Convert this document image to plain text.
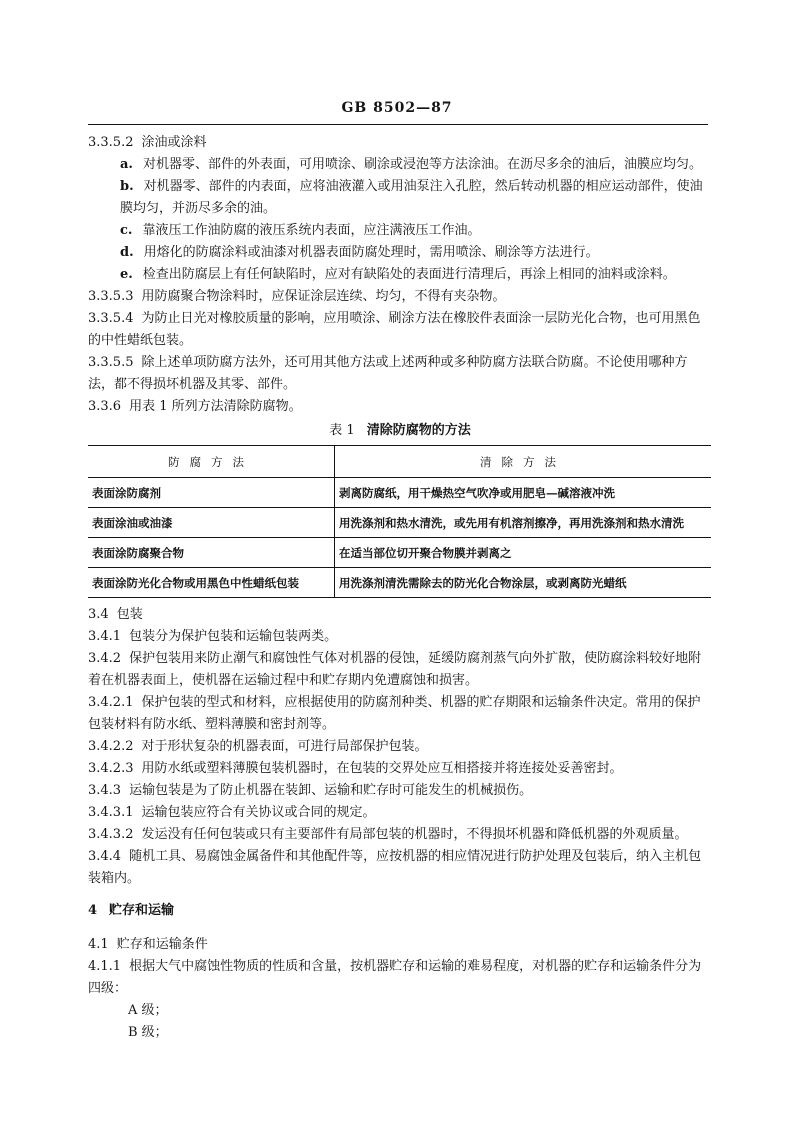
GB 8502—87
3.3.5.2 涂油或涂料
a. 对机器零、部件的外表面，可用喷涂、刷涂或浸泡等方法涂油。在沥尽多余的油后，油膜应均匀。
b. 对机器零、部件的内表面，应将油液灌入或用油泵注入孔腔，然后转动机器的相应运动部件，使油膜均匀，并沥尽多余的油。
c. 靠液压工作油防腐的液压系统内表面，应注满液压工作油。
d. 用熔化的防腐涂料或油漆对机器表面防腐处理时，需用喷涂、刷涂等方法进行。
e. 检查出防腐层上有任何缺陷时，应对有缺陷处的表面进行清理后，再涂上相同的油料或涂料。
3.3.5.3 用防腐聚合物涂料时，应保证涂层连续、均匀，不得有夹杂物。
3.3.5.4 为防止日光对橡胶质量的影响，应用喷涂、刷涂方法在橡胶件表面涂一层防光化合物，也可用黑色的中性蜡纸包装。
3.3.5.5 除上述单项防腐方法外，还可用其他方法或上述两种或多种防腐方法联合防腐。不论使用哪种方法，都不得损坏机器及其零、部件。
3.3.6 用表 1 所列方法清除防腐物。
表 1 清除防腐物的方法
防腐方法	清除方法
表面涂防腐剂	剥离防腐纸，用干燥热空气吹净或用肥皂—碱溶液冲洗
表面涂油或油漆	用洗涤剂和热水清洗，或先用有机溶剂擦净，再用洗涤剂和热水清洗
表面涂防腐聚合物	在适当部位切开聚合物膜并剥离之
表面涂防光化合物或用黑色中性蜡纸包装	用洗涤剂清洗需除去的防光化合物涂层，或剥离防光蜡纸
3.4 包装
3.4.1 包装分为保护包装和运输包装两类。
3.4.2 保护包装用来防止潮气和腐蚀性气体对机器的侵蚀，延缓防腐剂蒸气向外扩散，使防腐涂料较好地附着在机器表面上，使机器在运输过程中和贮存期内免遭腐蚀和损害。
3.4.2.1 保护包装的型式和材料，应根据使用的防腐剂种类、机器的贮存期限和运输条件决定。常用的保护包装材料有防水纸、塑料薄膜和密封剂等。
3.4.2.2 对于形状复杂的机器表面，可进行局部保护包装。
3.4.2.3 用防水纸或塑料薄膜包装机器时，在包装的交界处应互相搭接并将连接处妥善密封。
3.4.3 运输包装是为了防止机器在装卸、运输和贮存时可能发生的机械损伤。
3.4.3.1 运输包装应符合有关协议或合同的规定。
3.4.3.2 发运没有任何包装或只有主要部件有局部包装的机器时，不得损坏机器和降低机器的外观质量。
3.4.4 随机工具、易腐蚀金属备件和其他配件等，应按机器的相应情况进行防护处理及包装后，纳入主机包装箱内。
4 贮存和运输
4.1 贮存和运输条件
4.1.1 根据大气中腐蚀性物质的性质和含量，按机器贮存和运输的难易程度，对机器的贮存和运输条件分为四级：
A 级；
B 级；
